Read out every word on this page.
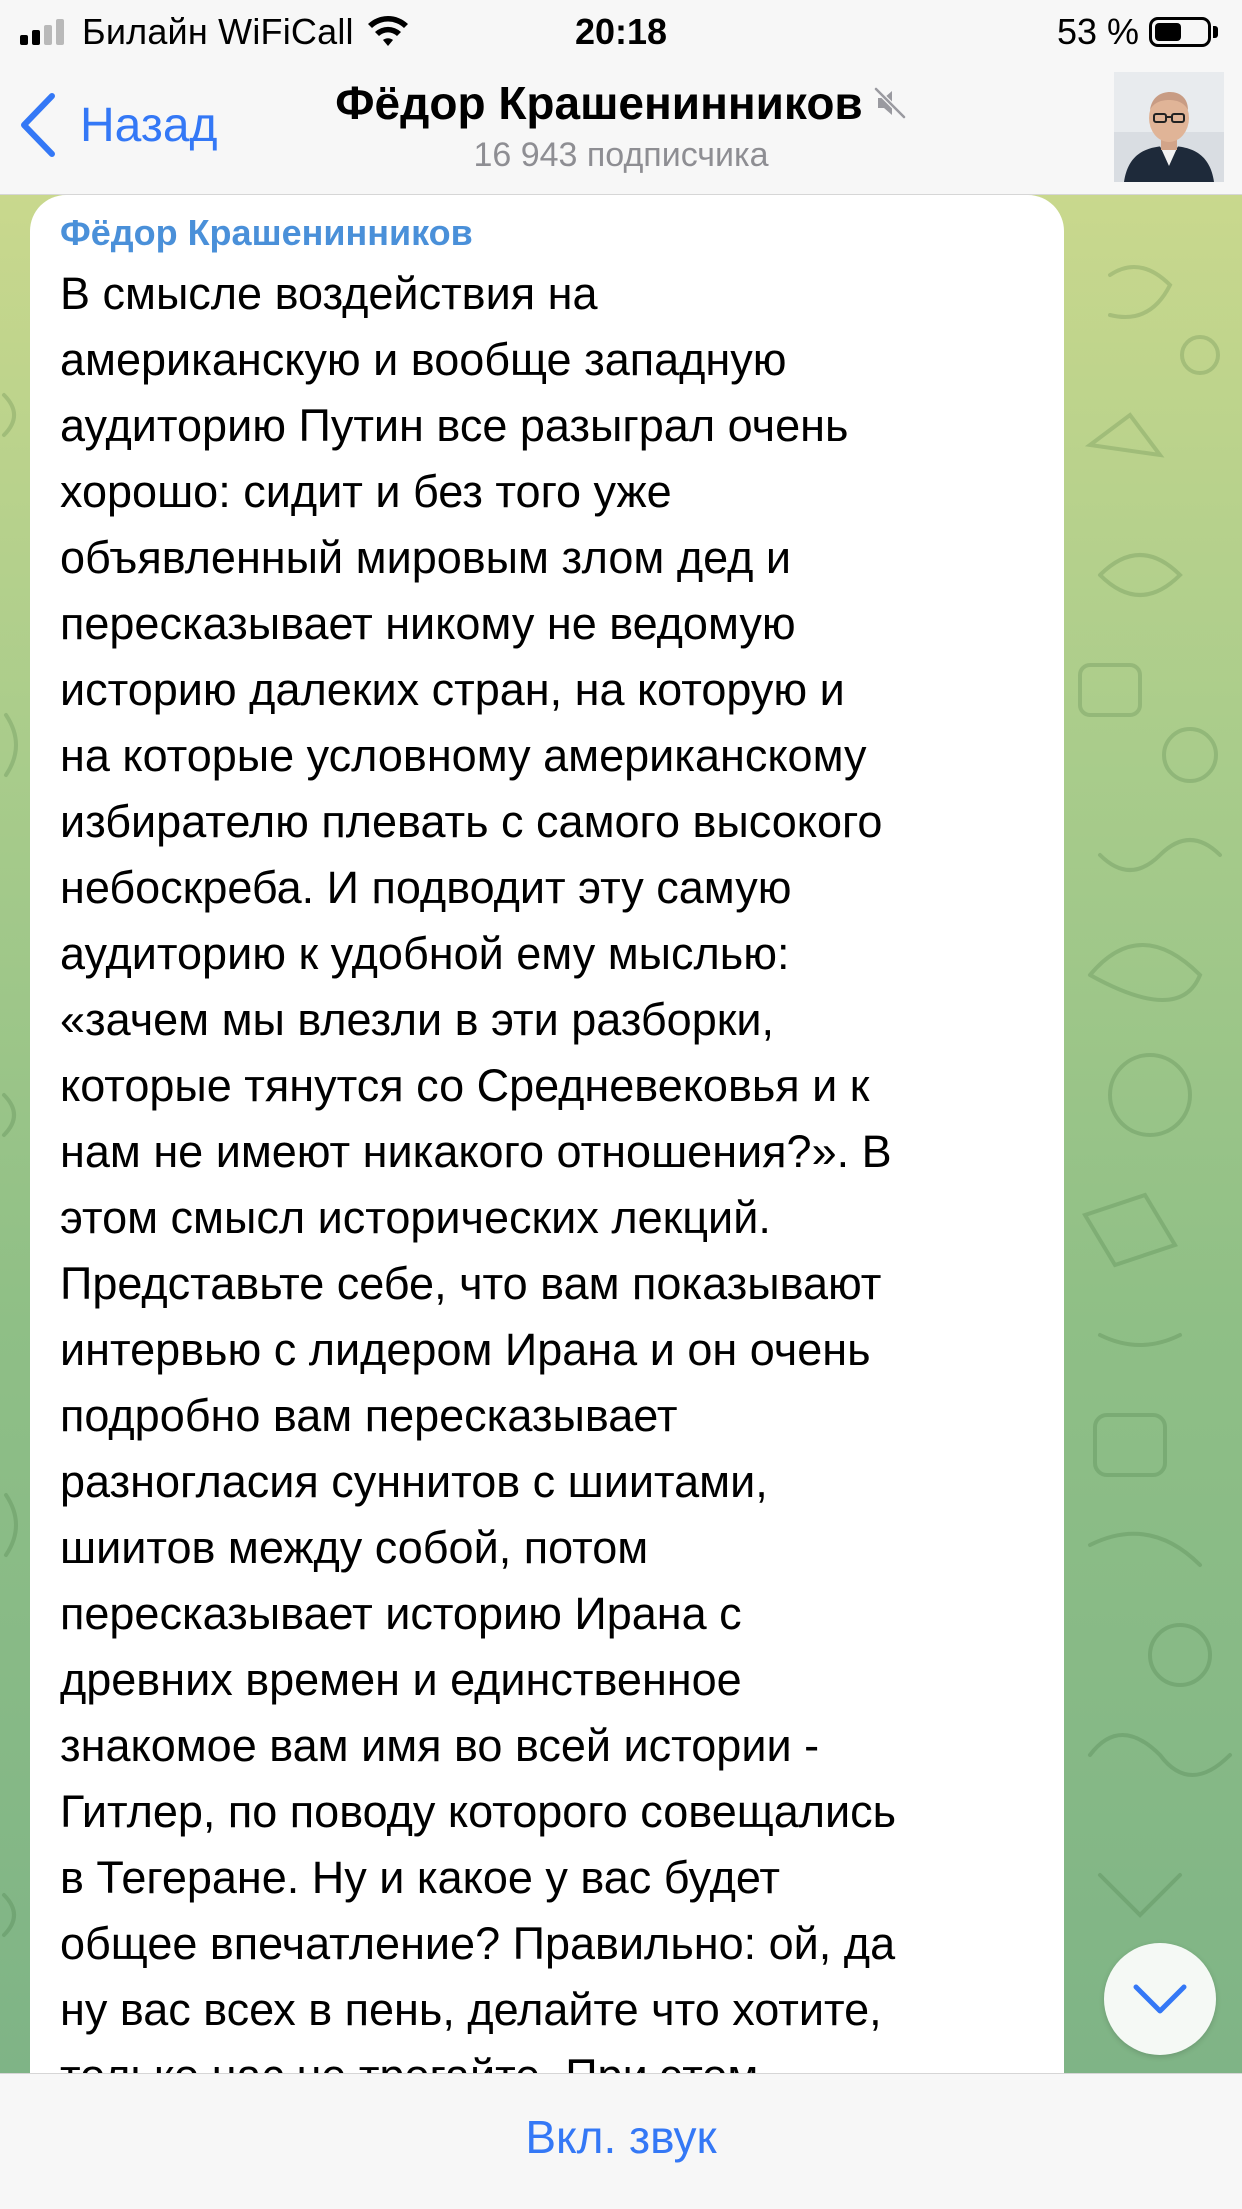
Билайн WiFiCall	20:18	53 %
Назад	Фёдор Крашенинников
16 943 подписчика
Фёдор Крашенинников

В смысле воздействия на
американскую и вообще западную
аудиторию Путин все разыграл очень
хорошо: сидит и без того уже
объявленный мировым злом дед и
пересказывает никому не ведомую
историю далеких стран, на которую и
на которые условному американскому
избирателю плевать с самого высокого
небоскреба. И подводит эту самую
аудиторию к удобной ему мыслью:
«зачем мы влезли в эти разборки,
которые тянутся со Средневековья и к
нам не имеют никакого отношения?». В
этом смысл исторических лекций.
Представьте себе, что вам показывают
интервью с лидером Ирана и он очень
подробно вам пересказывает
разногласия суннитов с шиитами,
шиитов между собой, потом
пересказывает историю Ирана с
древних времен и единственное
знакомое вам имя во всей истории -
Гитлер, по поводу которого совещались
в Тегеране. Ну и какое у вас будет
общее впечатление? Правильно: ой, да
ну вас всех в пень, делайте что хотите,

Вкл. звук
